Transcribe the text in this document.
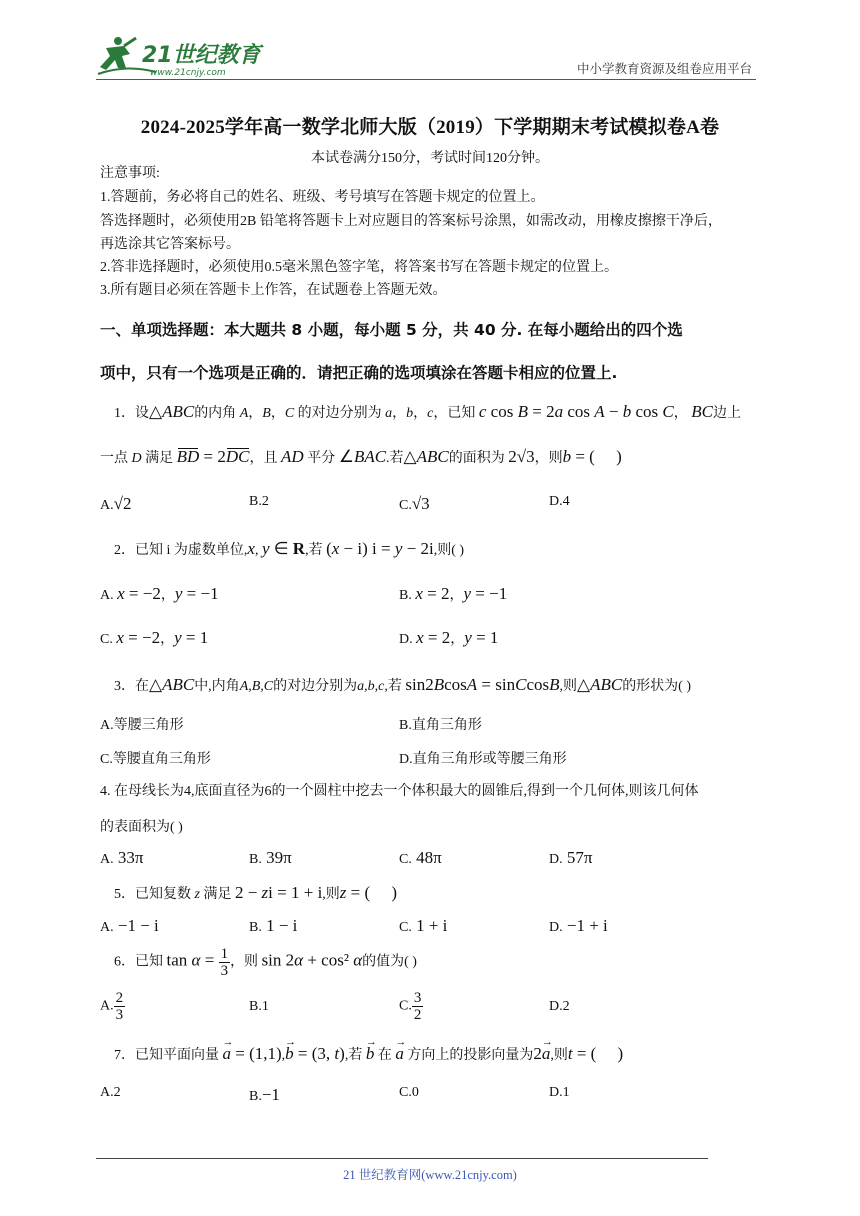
21世纪教育
www.21cnjy.com	中小学教育资源及组卷应用平台
2024-2025学年高一数学北师大版（2019）下学期期末考试模拟卷A卷
本试卷满分150分，考试时间120分钟。
注意事项:
1.答题前，务必将自己的姓名、班级、考号填写在答题卡规定的位置上。
答选择题时，必须使用2B 铅笔将答题卡上对应题目的答案标号涂黑，如需改动，用橡皮擦擦干净后，
再选涂其它答案标号。
2.答非选择题时，必须使用0.5毫米黑色签字笔，将答案书写在答题卡规定的位置上。
3.所有题目必须在答题卡上作答，在试题卷上答题无效。
一、单项选择题：本大题共 8 小题，每小题 5 分，共 40 分. 在每小题给出的四个选
项中，只有一个选项是正确的．请把正确的选项填涂在答题卡相应的位置上.
1．设△ABC的内角 A，B，C 的对边分别为 a，b，c，已知 c cos B = 2a cos A − b cos C， BC边上
一点 D 满足 BD = 2DC，且 AD 平分 ∠BAC.若△ABC的面积为 2√3，则b = (     )
A.√2	B.2	C.√3	D.4
2．已知 i 为虚数单位,x, y ∈ R,若 (x − i) i = y − 2i,则( )
A. x = −2，y = −1	B. x = 2，y = −1
C. x = −2，y = 1	D. x = 2，y = 1
3．在△ABC中,内角A,B,C的对边分别为a,b,c,若 sin2BcosA = sinCcosB,则△ABC的形状为( )
A.等腰三角形	B.直角三角形
C.等腰直角三角形	D.直角三角形或等腰三角形
4. 在母线长为4,底面直径为6的一个圆柱中挖去一个体积最大的圆锥后,得到一个几何体,则该几何体
的表面积为( )
A. 33π	B. 39π	C. 48π	D. 57π
5．已知复数 z 满足 2 − zi = 1 + i,则z = (     )
A. −1 − i	B. 1 − i	C. 1 + i	D. −1 + i
6．已知 $\tan \alpha = \frac{1}{3}$ ，则 sin 2α + cos² α的值为( )
A. $\frac{2}{3}$	B.1	C. $\frac{3}{2}$	D.2
7．已知平面向量 → a = (1,1),→ b = (3, t),若 → b 在 → a 方向上的投影向量为2→ a,则t = (     )
A.2	B.−1	C.0	D.1
21 世纪教育网(www.21cnjy.com)
